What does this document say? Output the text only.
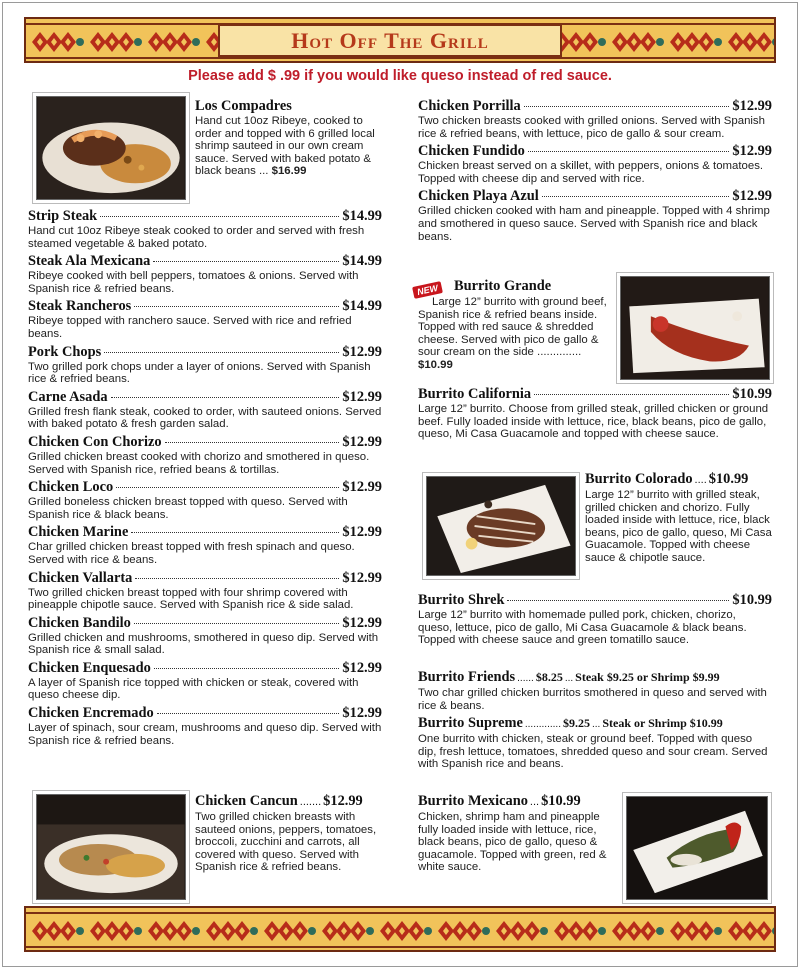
Hot Off The Grill
Please add $ .99 if you would like queso instead of red sauce.
Los Compadres
Hand cut 10oz Ribeye, cooked to order and topped with 6 grilled local shrimp sauteed in our own cream sauce. Served with baked potato & black beans ... $16.99
Strip Steak	$14.99
Hand cut 10oz Ribeye steak cooked to order and served with fresh steamed vegetable & baked potato.
Steak Ala Mexicana	$14.99
Ribeye cooked with bell peppers, tomatoes & onions. Served with Spanish rice & refried beans.
Steak Rancheros	$14.99
Ribeye topped with ranchero sauce. Served with rice and refried beans.
Pork Chops	$12.99
Two grilled pork chops under a layer of onions. Served with Spanish rice & refried beans.
Carne Asada	$12.99
Grilled fresh flank steak, cooked to order, with sauteed onions. Served with baked potato & fresh garden salad.
Chicken Con Chorizo	$12.99
Grilled chicken breast cooked with chorizo and smothered in queso. Served with Spanish rice, refried beans & tortillas.
Chicken Loco	$12.99
Grilled boneless chicken breast topped with queso. Served with Spanish rice & black beans.
Chicken Marine	$12.99
Char grilled chicken breast topped with fresh spinach and queso. Served with rice & beans.
Chicken Vallarta	$12.99
Two grilled chicken breast topped with four shrimp covered with pineapple chipotle sauce. Served with Spanish rice & side salad.
Chicken Bandilo	$12.99
Grilled chicken and mushrooms, smothered in queso dip. Served with Spanish rice & small salad.
Chicken Enquesado	$12.99
A layer of Spanish rice topped with chicken or steak, covered with queso cheese dip.
Chicken Encremado	$12.99
Layer of spinach, sour cream, mushrooms and queso dip. Served with Spanish rice & refried beans.
Chicken Cancun ....... $12.99
Two grilled chicken breasts with sauteed onions, peppers, tomatoes, broccoli, zucchini and carrots, all covered with queso. Served with Spanish rice & refried beans.
Chicken Porrilla	$12.99
Two chicken breasts cooked with grilled onions. Served with Spanish rice & refried beans, with lettuce, pico de gallo & sour cream.
Chicken Fundido	$12.99
Chicken breast served on a skillet, with peppers, onions & tomatoes. Topped with cheese dip and served with rice.
Chicken Playa Azul	$12.99
Grilled chicken cooked with ham and pineapple. Topped with 4 shrimp and smothered in queso sauce. Served with Spanish rice and black beans.
NEW Burrito Grande
Large 12” burrito with ground beef, Spanish rice & refried beans inside. Topped with red sauce & shredded cheese. Served with pico de gallo & sour cream on the side .............. $10.99
Burrito California	$10.99
Large 12” burrito. Choose from grilled steak, grilled chicken or ground beef. Fully loaded inside with lettuce, rice, black beans, pico de gallo, queso, Mi Casa Guacamole and topped with cheese sauce.
Burrito Colorado .... $10.99
Large 12” burrito with grilled steak, grilled chicken and chorizo. Fully loaded inside with lettuce, rice, black beans, pico de gallo, queso, Mi Casa Guacamole. Topped with cheese sauce & chipotle sauce.
Burrito Shrek	$10.99
Large 12” burrito with homemade pulled pork, chicken, chorizo, queso, lettuce, pico de gallo, Mi Casa Guacamole & black beans. Topped with cheese sauce and green tomatillo sauce.
Burrito Friends ...... $8.25 ... Steak $9.25 or Shrimp $9.99
Two char grilled chicken burritos smothered in queso and served with rice & beans.
Burrito Supreme ............. $9.25 ... Steak or Shrimp $10.99
One burrito with chicken, steak or ground beef. Topped with queso dip, fresh lettuce, tomatoes, shredded queso and sour cream. Served with Spanish rice and beans.
Burrito Mexicano ... $10.99
Chicken, shrimp ham and pineapple fully loaded inside with lettuce, rice, black beans, pico de gallo, queso & guacamole. Topped with green, red & white sauce.
